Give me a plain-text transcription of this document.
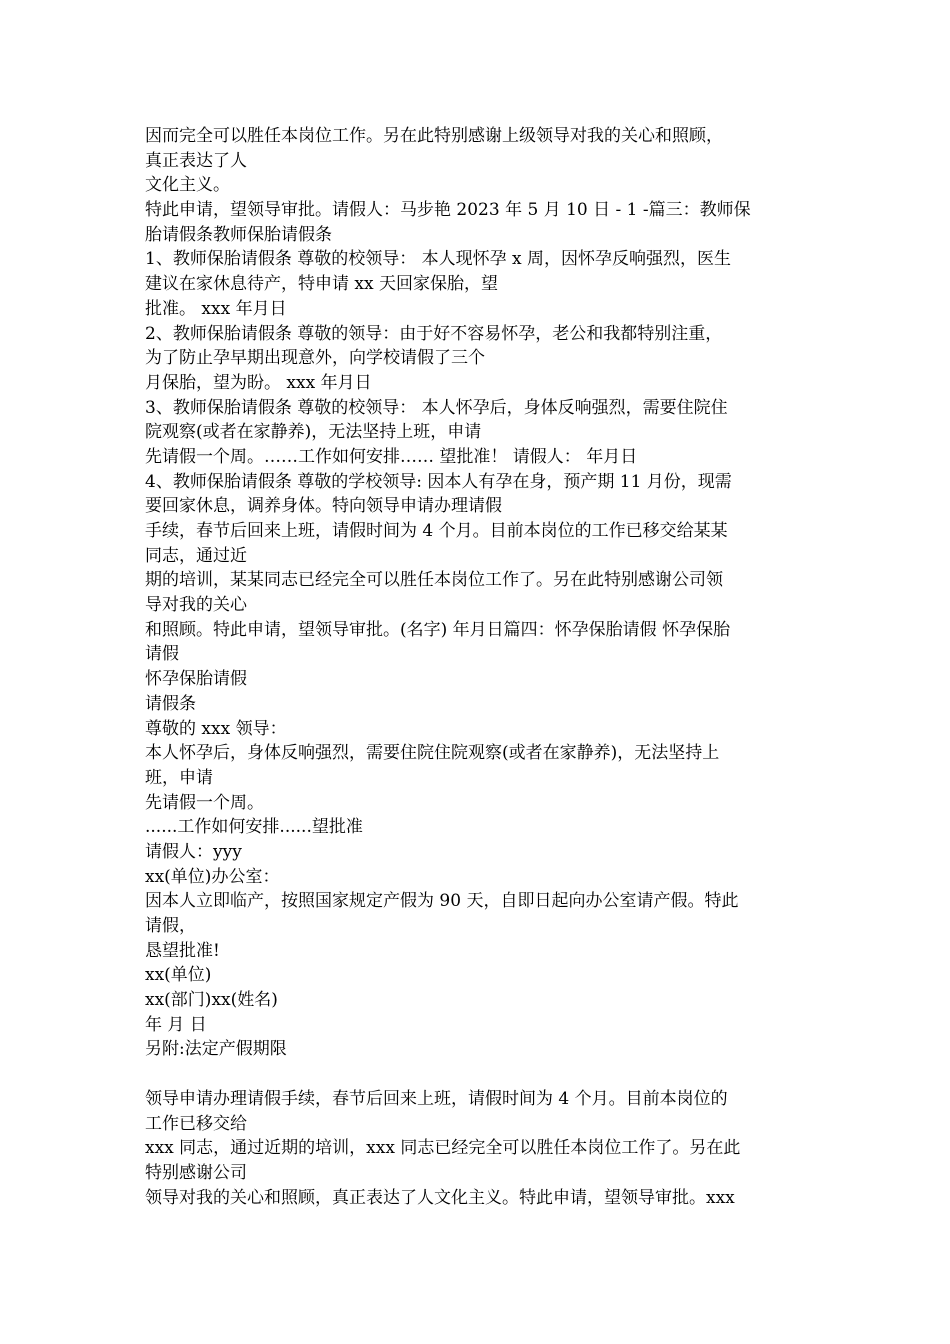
因而完全可以胜任本岗位工作。另在此特别感谢上级领导对我的关心和照顾，
真正表达了人
文化主义。
特此申请，望领导审批。请假人：马步艳 2023 年 5 月 10 日 - 1 -篇三：教师保
胎请假条教师保胎请假条
1、教师保胎请假条 尊敬的校领导： 本人现怀孕 x 周，因怀孕反响强烈，医生
建议在家休息待产，特申请 xx 天回家保胎，望
批准。 xxx 年月日
2、教师保胎请假条 尊敬的领导：由于好不容易怀孕，老公和我都特别注重，
为了防止孕早期出现意外，向学校请假了三个
月保胎，望为盼。 xxx 年月日
3、教师保胎请假条 尊敬的校领导： 本人怀孕后，身体反响强烈，需要住院住
院观察(或者在家静养)，无法坚持上班，申请
先请假一个周。……工作如何安排…… 望批准！ 请假人： 年月日
4、教师保胎请假条 尊敬的学校领导: 因本人有孕在身，预产期 11 月份，现需
要回家休息，调养身体。特向领导申请办理请假
手续，春节后回来上班，请假时间为 4 个月。目前本岗位的工作已移交给某某
同志，通过近
期的培训，某某同志已经完全可以胜任本岗位工作了。另在此特别感谢公司领
导对我的关心
和照顾。特此申请，望领导审批。(名字) 年月日篇四：怀孕保胎请假 怀孕保胎
请假
怀孕保胎请假
请假条
尊敬的 xxx 领导：
本人怀孕后，身体反响强烈，需要住院住院观察(或者在家静养)，无法坚持上
班，申请
先请假一个周。
......工作如何安排......望批准
请假人：yyy
xx(单位)办公室：
因本人立即临产，按照国家规定产假为 90 天，自即日起向办公室请产假。特此
请假，
恳望批准!
xx(单位)
xx(部门)xx(姓名)
年 月 日
另附:法定产假期限
领导申请办理请假手续，春节后回来上班，请假时间为 4 个月。目前本岗位的
工作已移交给
xxx 同志，通过近期的培训，xxx 同志已经完全可以胜任本岗位工作了。另在此
特别感谢公司
领导对我的关心和照顾，真正表达了人文化主义。特此申请，望领导审批。xxx
